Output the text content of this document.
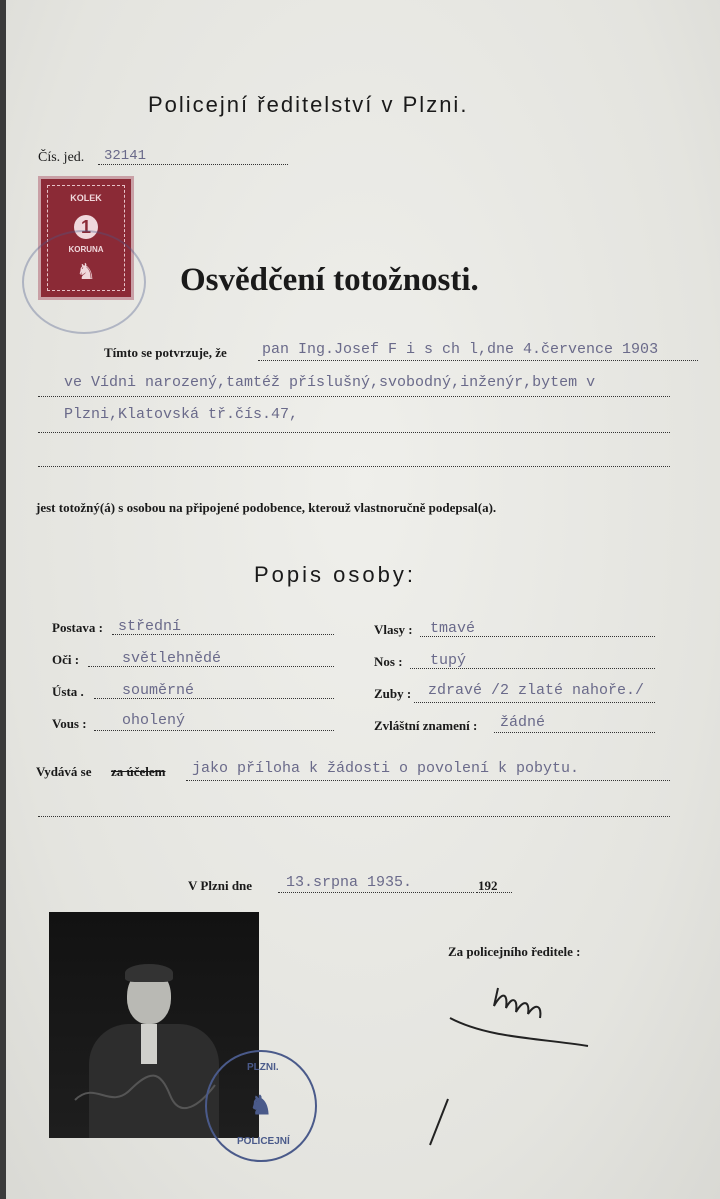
Policejní ředitelství v Plzni.
Čís. jed. 32141
KOLEK
1
KORUNA
♞	Osvědčení totožnosti.
Tímto se potvrzuje, že pan Ing.Josef F i s ch l,dne 4.července 1903
ve Vídni narozený,tamtéž příslušný,svobodný,inženýr,bytem v
Plzni,Klatovská tř.čís.47,
jest totožný(á) s osobou na připojené podobence, kterouž vlastnoručně podepsal(a).
Popis osoby:
Postava : střední	Vlasy : tmavé
Oči :	světlehnědé	Nos : tupý
Ústa .	souměrné	Zuby : zdravé /2 zlaté nahoře./
Vous : oholený	Zvláštní znamení : žádné
Vydává se za účelem jako příloha k žádosti o povolení k pobytu.
V Plzni dne 13.srpna 1935.	192
PLZNI.
POLICEJNÍ
♞
Za policejního ředitele :
